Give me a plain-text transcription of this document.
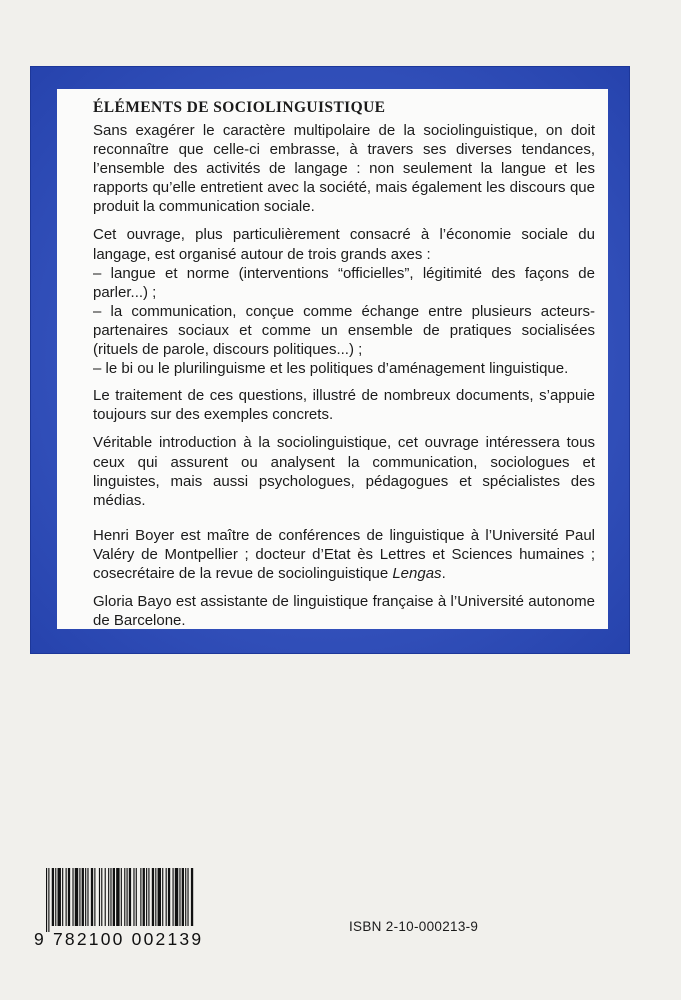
ÉLÉMENTS DE SOCIOLINGUISTIQUE

Sans exagérer le caractère multipolaire de la sociolinguistique, on doit reconnaître que celle-ci embrasse, à travers ses diverses tendances, l’ensemble des activités de langage : non seulement la langue et les rapports qu’elle entretient avec la société, mais également les discours que produit la communication sociale.

Cet ouvrage, plus particulièrement consacré à l’économie sociale du langage, est organisé autour de trois grands axes :

– langue et norme (interventions “officielles”, légitimité des façons de parler...) ;

– la communication, conçue comme échange entre plusieurs acteurs-partenaires sociaux et comme un ensemble de pratiques socialisées (rituels de parole, discours politiques...) ;

– le bi ou le plurilinguisme et les politiques d’aménagement linguistique.

Le traitement de ces questions, illustré de nombreux documents, s’appuie toujours sur des exemples concrets.

Véritable introduction à la sociolinguistique, cet ouvrage intéressera tous ceux qui assurent ou analysent la communication, sociologues et linguistes, mais aussi psychologues, pédagogues et spécialistes des médias.

Henri Boyer est maître de conférences de linguistique à l’Université Paul Valéry de Montpellier ; docteur d’Etat ès Lettres et Sciences humaines ; cosecrétaire de la revue de sociolinguistique Lengas.

Gloria Bayo est assistante de linguistique française à l’Université autonome de Barcelone.

9 782100 002139
ISBN 2-10-000213-9
